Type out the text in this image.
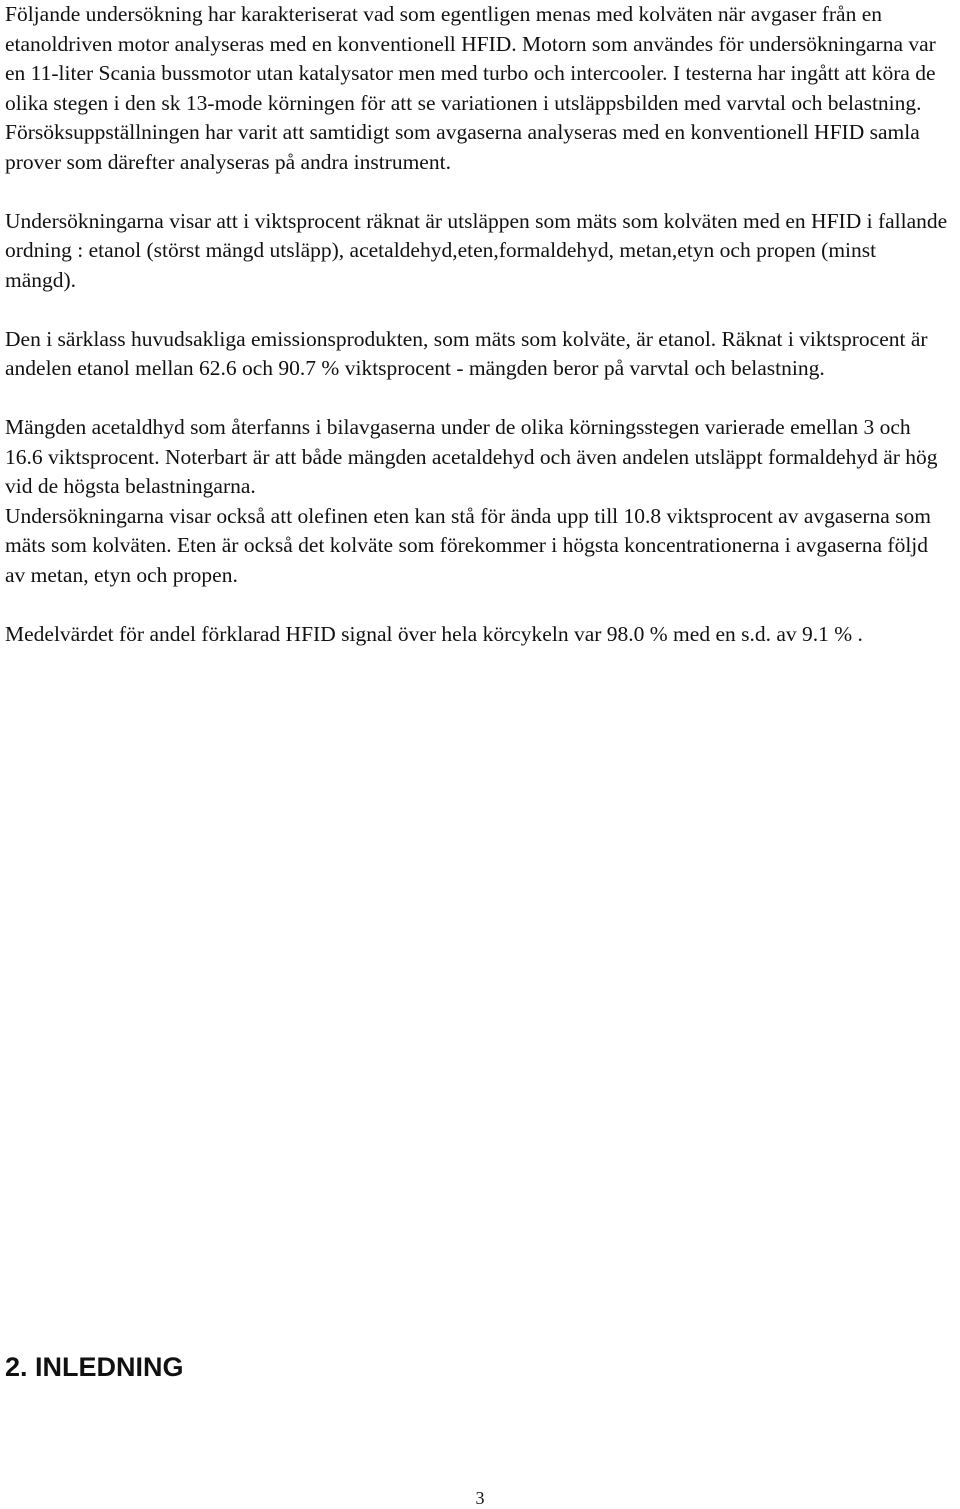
Följande undersökning har karakteriserat vad som egentligen menas med kolväten när avgaser från en etanoldriven motor analyseras med en konventionell HFID. Motorn som användes för undersökningarna var en 11-liter Scania bussmotor utan katalysator men med turbo och intercooler. I testerna har ingått att köra de olika stegen i den sk 13-mode körningen för att se variationen i utsläppsbilden med varvtal och belastning. Försöksuppställningen har varit att samtidigt som avgaserna analyseras med en konventionell HFID samla prover som därefter analyseras på andra instrument.

Undersökningarna visar att i viktsprocent räknat är utsläppen som mäts som kolväten med en HFID i fallande ordning : etanol (störst mängd utsläpp), acetaldehyd,eten,formaldehyd, metan,etyn och propen (minst mängd).

Den i särklass huvudsakliga emissionsprodukten, som mäts som kolväte, är etanol. Räknat i viktsprocent är andelen etanol mellan 62.6 och 90.7 % viktsprocent - mängden beror på varvtal och belastning.

Mängden acetaldhyd som återfanns i bilavgaserna under de olika körningsstegen varierade emellan 3 och 16.6 viktsprocent. Noterbart är att både mängden acetaldehyd och även andelen utsläppt formaldehyd är hög vid de högsta belastningarna.

Undersökningarna visar också att olefinen eten kan stå för ända upp till 10.8 viktsprocent av avgaserna som mäts som kolväten. Eten är också det kolväte som förekommer i högsta koncentrationerna i avgaserna följd av metan, etyn och propen.

Medelvärdet för andel förklarad HFID signal över hela körcykeln var 98.0 % med en s.d. av 9.1 % .

2. INLEDNING
3
